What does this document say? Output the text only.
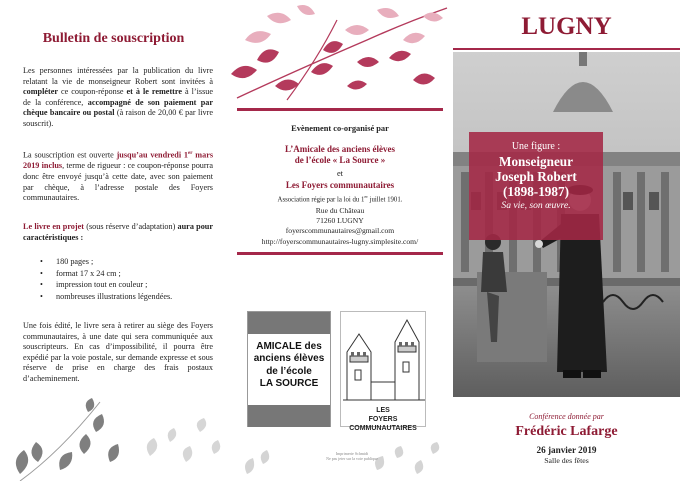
Bulletin de souscription

Les personnes intéressées par la publication du livre relatant la vie de monseigneur Robert sont invitées à compléter ce coupon-réponse et à le remettre à l’issue de la conférence, accompagné de son paiement par chèque bancaire ou postal (à raison de 20,00 € par livre souscrit).

La souscription est ouverte jusqu’au vendredi 1er mars 2019 inclus, terme de rigueur : ce coupon-réponse pourra donc être envoyé jusqu’à cette date, avec son paiement par chèque, à l’adresse postale des Foyers communautaires.

Le livre en projet (sous réserve d’adaptation) aura pour caractéristiques :

• 180 pages ;
• format 17 x 24 cm ;
• impression tout en couleur ;
• nombreuses illustrations légendées.

Une fois édité, le livre sera à retirer au siège des Foyers communautaires, à une date qui sera communiquée aux souscripteurs. En cas d’impossibilité, il pourra être expédié par la voie postale, sur demande expresse et sous réserve de prise en charge des frais postaux d’acheminement.

Evènement co-organisé par
L’Amicale des anciens élèves
de l’école « La Source »
et
Les Foyers communautaires
Association régie par la loi du 1er juillet 1901.
Rue du Château
71260 LUGNY
foyerscommunautaires@gmail.com
http://foyerscommunautaires-lugny.simplesite.com/
AMICALE des
anciens élèves
de l’école
LA SOURCE
LES
FOYERS
COMMUNAUTAIRES
Imprimerie Schmidt
Ne pas jeter sur la voie publique
LUGNY
Une figure :
Monseigneur
Joseph Robert
(1898-1987)
Sa vie, son œuvre.
Conférence donnée par
Frédéric Lafarge
26 janvier 2019
Salle des fêtes
